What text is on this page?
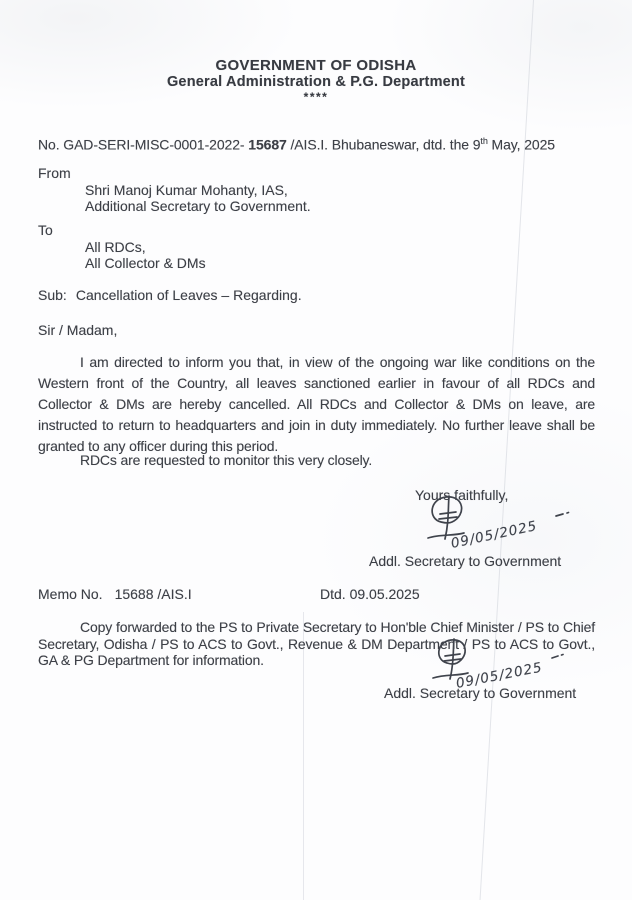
GOVERNMENT OF ODISHA
General Administration & P.G. Department
****
No. GAD-SERI-MISC-0001-2022- 15687 /AIS.I. Bhubaneswar, dtd. the 9th May, 2025
From
Shri Manoj Kumar Mohanty, IAS,
Additional Secretary to Government.
To
All RDCs,
All Collector & DMs
Sub: Cancellation of Leaves – Regarding.
Sir / Madam,
I am directed to inform you that, in view of the ongoing war like conditions on the Western front of the Country, all leaves sanctioned earlier in favour of all RDCs and Collector & DMs are hereby cancelled. All RDCs and Collector & DMs on leave, are instructed to return to headquarters and join in duty immediately. No further leave shall be granted to any officer during this period.
RDCs are requested to monitor this very closely.
Yours faithfully,
09/05/2025
Addl. Secretary to Government
Memo No. 15688 /AIS.I	Dtd. 09.05.2025
Copy forwarded to the PS to Private Secretary to Hon'ble Chief Minister / PS to Chief Secretary, Odisha / PS to ACS to Govt., Revenue & DM Department / PS to ACS to Govt., GA & PG Department for information.	09/05/2025
Addl. Secretary to Government
